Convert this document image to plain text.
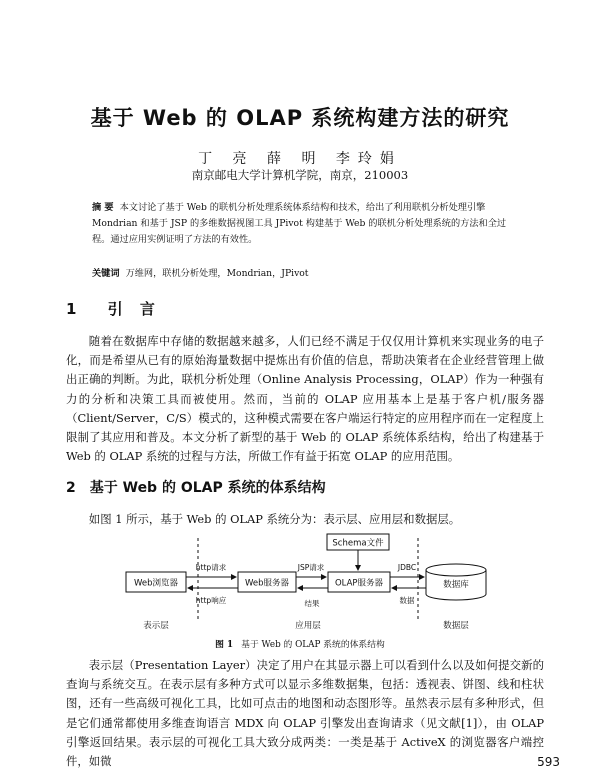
基于 Web 的 OLAP 系统构建方法的研究
丁 亮 薛 明 李玲娟
南京邮电大学计算机学院，南京，210003
摘 要 本文讨论了基于 Web 的联机分析处理系统体系结构和技术，给出了利用联机分析处理引擎 Mondrian 和基于 JSP 的多维数据视图工具 JPivot 构建基于 Web 的联机分析处理系统的方法和全过程。通过应用实例证明了方法的有效性。
关键词 万维网，联机分析处理，Mondrian，JPivot
1 引 言

随着在数据库中存储的数据越来越多，人们已经不满足于仅仅用计算机来实现业务的电子化，而是希望从已有的原始海量数据中提炼出有价值的信息，帮助决策者在企业经营管理上做出正确的判断。为此，联机分析处理（Online Analysis Processing，OLAP）作为一种强有力的分析和决策工具而被使用。然而，当前的 OLAP 应用基本上是基于客户机/服务器（Client/Server，C/S）模式的，这种模式需要在客户端运行特定的应用程序而在一定程度上限制了其应用和普及。本文分析了新型的基于 Web 的 OLAP 系统体系结构，给出了构建基于 Web 的 OLAP 系统的过程与方法，所做工作有益于拓宽 OLAP 的应用范围。

2 基于 Web 的 OLAP 系统的体系结构

如图 1 所示，基于 Web 的 OLAP 系统分为：表示层、应用层和数据层。

Schema文件
Web浏览器	Web服务器	OLAP服务器	数据库
http请求
http响应
JSP请求
结果
JDBC
数据
表示层	应用层	数据层
图 1 基于 Web 的 OLAP 系统的体系结构

表示层（Presentation Layer）决定了用户在其显示器上可以看到什么以及如何提交新的查询与系统交互。在表示层有多种方式可以显示多维数据集，包括：透视表、饼图、线和柱状图，还有一些高级可视化工具，比如可点击的地图和动态图形等。虽然表示层有多种形式，但是它们通常都使用多维查询语言 MDX 向 OLAP 引擎发出查询请求（见文献[1]），由 OLAP 引擎返回结果。表示层的可视化工具大致分成两类：一类是基于 ActiveX 的浏览器客户端控件，如微	593
